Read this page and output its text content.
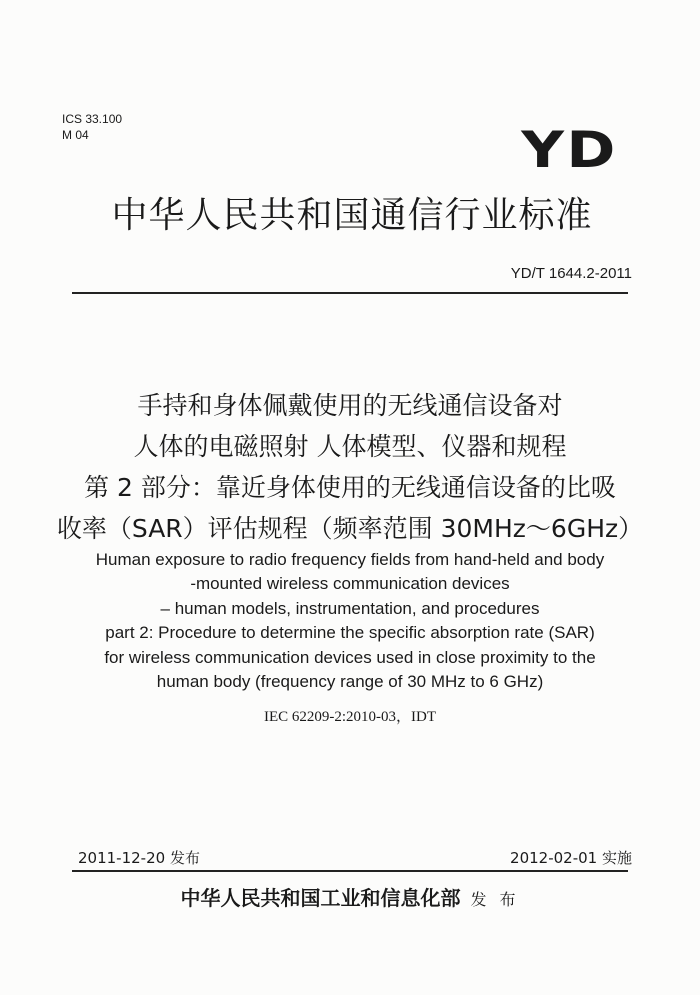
ICS 33.100
M 04	YD
中华人民共和国通信行业标准
YD/T 1644.2-2011
手持和身体佩戴使用的无线通信设备对
人体的电磁照射 人体模型、仪器和规程
第 2 部分：靠近身体使用的无线通信设备的比吸
收率（SAR）评估规程（频率范围 30MHz～6GHz）
Human exposure to radio frequency fields from hand-held and body
-mounted wireless communication devices
– human models, instrumentation, and procedures
part 2: Procedure to determine the specific absorption rate (SAR)
for wireless communication devices used in close proximity to the
human body (frequency range of 30 MHz to 6 GHz)
IEC 62209-2:2010-03，IDT
2011-12-20 发布	2012-02-01 实施
中华人民共和国工业和信息化部 发 布
